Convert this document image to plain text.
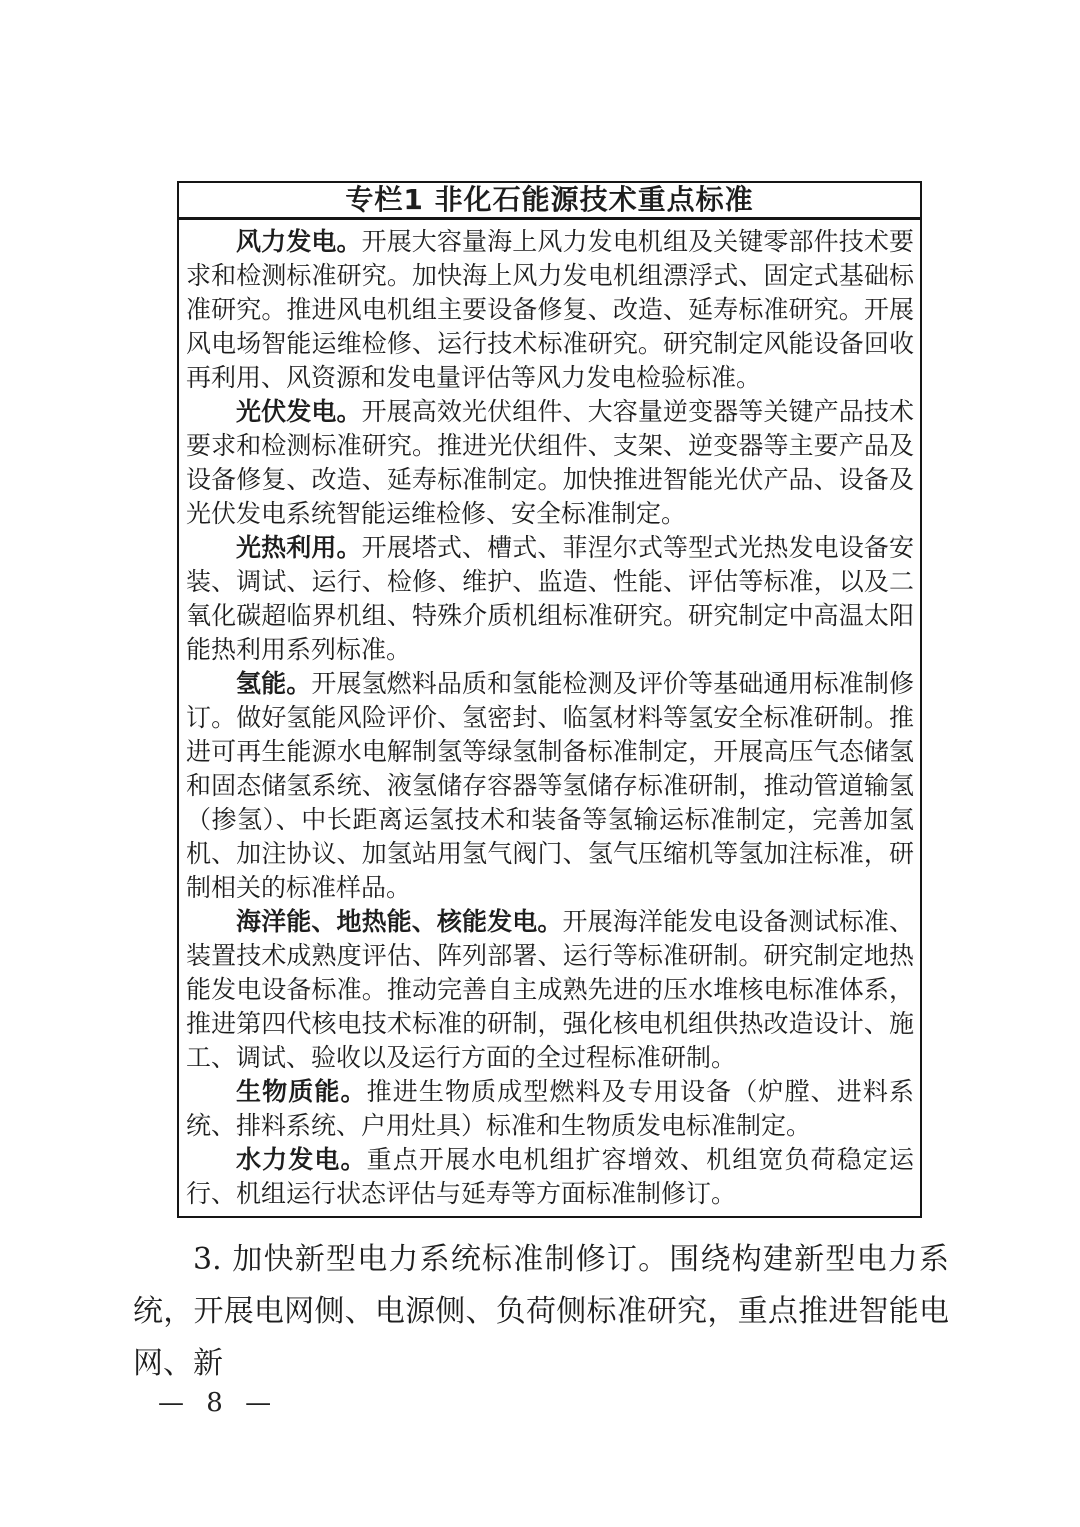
专栏1 非化石能源技术重点标准

风力发电。开展大容量海上风力发电机组及关键零部件技术要求和检测标准研究。加快海上风力发电机组漂浮式、固定式基础标准研究。推进风电机组主要设备修复、改造、延寿标准研究。开展风电场智能运维检修、运行技术标准研究。研究制定风能设备回收再利用、风资源和发电量评估等风力发电检验标准。

光伏发电。开展高效光伏组件、大容量逆变器等关键产品技术要求和检测标准研究。推进光伏组件、支架、逆变器等主要产品及设备修复、改造、延寿标准制定。加快推进智能光伏产品、设备及光伏发电系统智能运维检修、安全标准制定。

光热利用。开展塔式、槽式、菲涅尔式等型式光热发电设备安装、调试、运行、检修、维护、监造、性能、评估等标准，以及二氧化碳超临界机组、特殊介质机组标准研究。研究制定中高温太阳能热利用系列标准。

氢能。开展氢燃料品质和氢能检测及评价等基础通用标准制修订。做好氢能风险评价、氢密封、临氢材料等氢安全标准研制。推进可再生能源水电解制氢等绿氢制备标准制定，开展高压气态储氢和固态储氢系统、液氢储存容器等氢储存标准研制，推动管道输氢（掺氢）、中长距离运氢技术和装备等氢输运标准制定，完善加氢机、加注协议、加氢站用氢气阀门、氢气压缩机等氢加注标准，研制相关的标准样品。

海洋能、地热能、核能发电。开展海洋能发电设备测试标准、装置技术成熟度评估、阵列部署、运行等标准研制。研究制定地热能发电设备标准。推动完善自主成熟先进的压水堆核电标准体系，推进第四代核电技术标准的研制，强化核电机组供热改造设计、施工、调试、验收以及运行方面的全过程标准研制。

生物质能。推进生物质成型燃料及专用设备（炉膛、进料系统、排料系统、户用灶具）标准和生物质发电标准制定。

水力发电。重点开展水电机组扩容增效、机组宽负荷稳定运行、机组运行状态评估与延寿等方面标准制修订。

3. 加快新型电力系统标准制修订。围绕构建新型电力系统，开展电网侧、电源侧、负荷侧标准研究，重点推进智能电网、新

— 8 —
